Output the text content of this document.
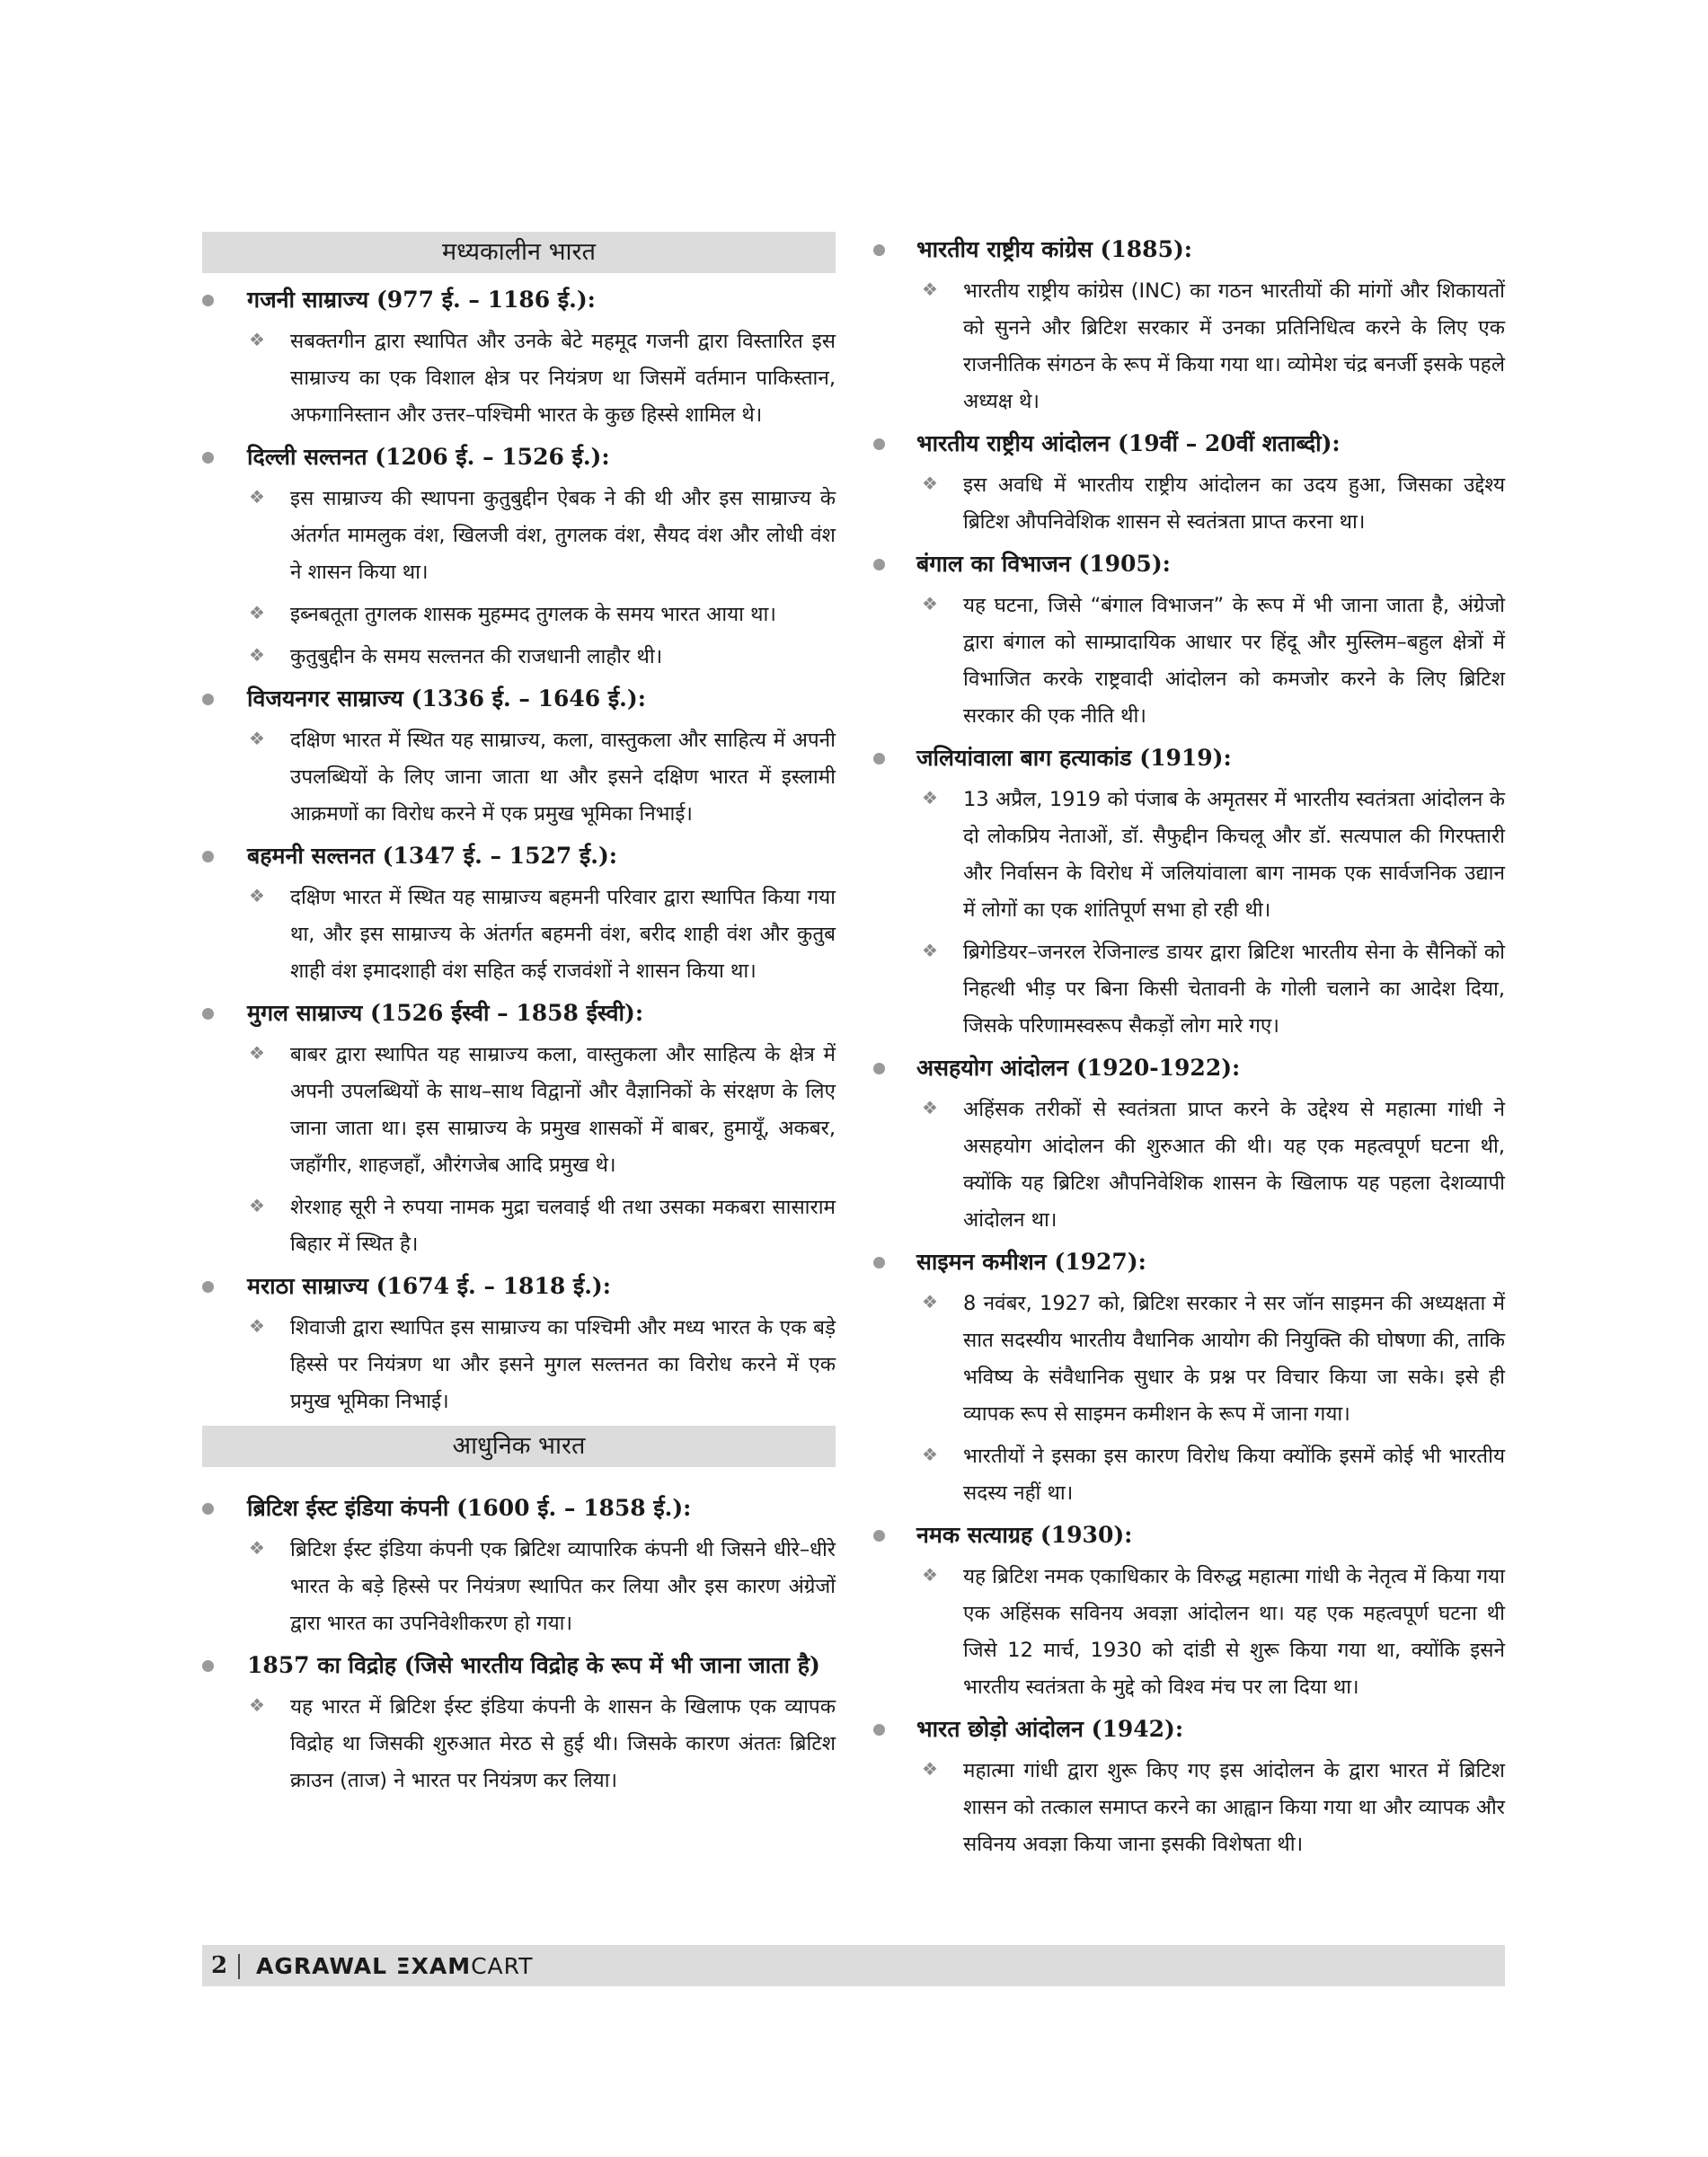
मध्यकालीन भारत
गजनी साम्राज्य (977 ई. – 1186 ई.):
❖ सबक्तगीन द्वारा स्थापित और उनके बेटे महमूद गजनी द्वारा विस्तारित इस साम्राज्य का एक विशाल क्षेत्र पर नियंत्रण था जिसमें वर्तमान पाकिस्तान, अफगानिस्तान और उत्तर–पश्चिमी भारत के कुछ हिस्से शामिल थे।
दिल्ली सल्तनत (1206 ई. – 1526 ई.):
❖ इस साम्राज्य की स्थापना कुतुबुद्दीन ऐबक ने की थी और इस साम्राज्य के अंतर्गत मामलुक वंश, खिलजी वंश, तुगलक वंश, सैयद वंश और लोधी वंश ने शासन किया था।
❖ इब्नबतूता तुगलक शासक मुहम्मद तुगलक के समय भारत आया था।
❖ कुतुबुद्दीन के समय सल्तनत की राजधानी लाहौर थी।
विजयनगर साम्राज्य (1336 ई. – 1646 ई.):
❖ दक्षिण भारत में स्थित यह साम्राज्य, कला, वास्तुकला और साहित्य में अपनी उपलब्धियों के लिए जाना जाता था और इसने दक्षिण भारत में इस्लामी आक्रमणों का विरोध करने में एक प्रमुख भूमिका निभाई।
बहमनी सल्तनत (1347 ई. – 1527 ई.):
❖ दक्षिण भारत में स्थित यह साम्राज्य बहमनी परिवार द्वारा स्थापित किया गया था, और इस साम्राज्य के अंतर्गत बहमनी वंश, बरीद शाही वंश और कुतुब शाही वंश इमादशाही वंश सहित कई राजवंशों ने शासन किया था।
मुगल साम्राज्य (1526 ईस्वी – 1858 ईस्वी):
❖ बाबर द्वारा स्थापित यह साम्राज्य कला, वास्तुकला और साहित्य के क्षेत्र में अपनी उपलब्धियों के साथ–साथ विद्वानों और वैज्ञानिकों के संरक्षण के लिए जाना जाता था। इस साम्राज्य के प्रमुख शासकों में बाबर, हुमायूँ, अकबर, जहाँगीर, शाहजहाँ, औरंगजेब आदि प्रमुख थे।
❖ शेरशाह सूरी ने रुपया नामक मुद्रा चलवाई थी तथा उसका मकबरा सासाराम बिहार में स्थित है।
मराठा साम्राज्य (1674 ई. – 1818 ई.):
❖ शिवाजी द्वारा स्थापित इस साम्राज्य का पश्चिमी और मध्य भारत के एक बड़े हिस्से पर नियंत्रण था और इसने मुगल सल्तनत का विरोध करने में एक प्रमुख भूमिका निभाई।
आधुनिक भारत
ब्रिटिश ईस्ट इंडिया कंपनी (1600 ई. – 1858 ई.):
❖ ब्रिटिश ईस्ट इंडिया कंपनी एक ब्रिटिश व्यापारिक कंपनी थी जिसने धीरे–धीरे भारत के बड़े हिस्से पर नियंत्रण स्थापित कर लिया और इस कारण अंग्रेजों द्वारा भारत का उपनिवेशीकरण हो गया।
1857 का विद्रोह (जिसे भारतीय विद्रोह के रूप में भी जाना जाता है)
❖ यह भारत में ब्रिटिश ईस्ट इंडिया कंपनी के शासन के खिलाफ एक व्यापक विद्रोह था जिसकी शुरुआत मेरठ से हुई थी। जिसके कारण अंततः ब्रिटिश क्राउन (ताज) ने भारत पर नियंत्रण कर लिया।
भारतीय राष्ट्रीय कांग्रेस (1885):
❖ भारतीय राष्ट्रीय कांग्रेस (INC) का गठन भारतीयों की मांगों और शिकायतों को सुनने और ब्रिटिश सरकार में उनका प्रतिनिधित्व करने के लिए एक राजनीतिक संगठन के रूप में किया गया था। व्योमेश चंद्र बनर्जी इसके पहले अध्यक्ष थे।
भारतीय राष्ट्रीय आंदोलन (19वीं – 20वीं शताब्दी):
❖ इस अवधि में भारतीय राष्ट्रीय आंदोलन का उदय हुआ, जिसका उद्देश्य ब्रिटिश औपनिवेशिक शासन से स्वतंत्रता प्राप्त करना था।
बंगाल का विभाजन (1905):
❖ यह घटना, जिसे “बंगाल विभाजन” के रूप में भी जाना जाता है, अंग्रेजो द्वारा बंगाल को साम्प्रादायिक आधार पर हिंदू और मुस्लिम–बहुल क्षेत्रों में विभाजित करके राष्ट्रवादी आंदोलन को कमजोर करने के लिए ब्रिटिश सरकार की एक नीति थी।
जलियांवाला बाग हत्याकांड (1919):
❖ 13 अप्रैल, 1919 को पंजाब के अमृतसर में भारतीय स्वतंत्रता आंदोलन के दो लोकप्रिय नेताओं, डॉ. सैफुद्दीन किचलू और डॉ. सत्यपाल की गिरफ्तारी और निर्वासन के विरोध में जलियांवाला बाग नामक एक सार्वजनिक उद्यान में लोगों का एक शांतिपूर्ण सभा हो रही थी।
❖ ब्रिगेडियर–जनरल रेजिनाल्ड डायर द्वारा ब्रिटिश भारतीय सेना के सैनिकों को निहत्थी भीड़ पर बिना किसी चेतावनी के गोली चलाने का आदेश दिया, जिसके परिणामस्वरूप सैकड़ों लोग मारे गए।
असहयोग आंदोलन (1920-1922):
❖ अहिंसक तरीकों से स्वतंत्रता प्राप्त करने के उद्देश्य से महात्मा गांधी ने असहयोग आंदोलन की शुरुआत की थी। यह एक महत्वपूर्ण घटना थी, क्योंकि यह ब्रिटिश औपनिवेशिक शासन के खिलाफ यह पहला देशव्यापी आंदोलन था।
साइमन कमीशन (1927):
❖ 8 नवंबर, 1927 को, ब्रिटिश सरकार ने सर जॉन साइमन की अध्यक्षता में सात सदस्यीय भारतीय वैधानिक आयोग की नियुक्ति की घोषणा की, ताकि भविष्य के संवैधानिक सुधार के प्रश्न पर विचार किया जा सके। इसे ही व्यापक रूप से साइमन कमीशन के रूप में जाना गया।
❖ भारतीयों ने इसका इस कारण विरोध किया क्योंकि इसमें कोई भी भारतीय सदस्य नहीं था।
नमक सत्याग्रह (1930):
❖ यह ब्रिटिश नमक एकाधिकार के विरुद्ध महात्मा गांधी के नेतृत्व में किया गया एक अहिंसक सविनय अवज्ञा आंदोलन था। यह एक महत्वपूर्ण घटना थी जिसे 12 मार्च, 1930 को दांडी से शुरू किया गया था, क्योंकि इसने भारतीय स्वतंत्रता के मुद्दे को विश्व मंच पर ला दिया था।
भारत छोड़ो आंदोलन (1942):
❖ महात्मा गांधी द्वारा शुरू किए गए इस आंदोलन के द्वारा भारत में ब्रिटिश शासन को तत्काल समाप्त करने का आह्वान किया गया था और व्यापक और सविनय अवज्ञा किया जाना इसकी विशेषता थी।
2 AGRAWAL ΞXAMCART
